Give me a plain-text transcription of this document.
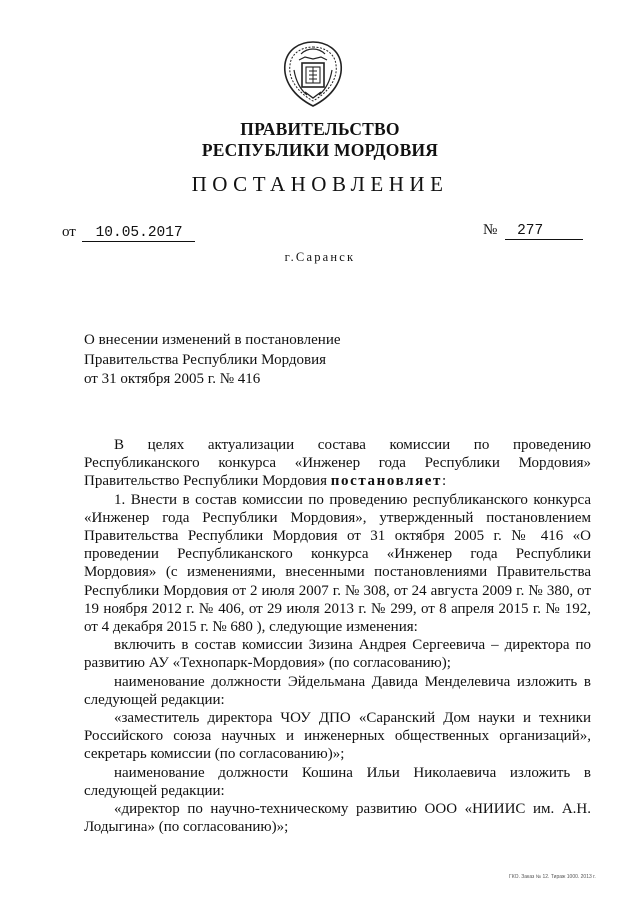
ПРАВИТЕЛЬСТВО
РЕСПУБЛИКИ МОРДОВИЯ
ПОСТАНОВЛЕНИЕ
от 10.05.2017	№ 277
г.Саранск
О внесении изменений в постановление
Правительства Республики Мордовия
от 31 октября 2005 г. № 416

В целях актуализации состава комиссии по проведению Республиканского конкурса «Инженер года Республики Мордовия» Правительство Республики Мордовия постановляет:

1. Внести в состав комиссии по проведению республиканского конкурса «Инженер года Республики Мордовия», утвержденный постановлением Правительства Республики Мордовия от 31 октября 2005 г. № 416 «О проведении Республиканского конкурса «Инженер года Республики Мордовия» (с изменениями, внесенными постановлениями Правительства Республики Мордовия от 2 июля 2007 г. № 308, от 24 августа 2009 г. № 380, от 19 ноября 2012 г. № 406, от 29 июля 2013 г. № 299, от 8 апреля 2015 г. № 192, от 4 декабря 2015 г. № 680 ), следующие изменения:

включить в состав комиссии Зизина Андрея Сергеевича – директора по развитию АУ «Технопарк-Мордовия» (по согласованию);

наименование должности Эйдельмана Давида Менделевича изложить в следующей редакции:

«заместитель директора ЧОУ ДПО «Саранский Дом науки и техники Российского союза научных и инженерных общественных организаций», секретарь комиссии (по согласованию)»;

наименование должности Кошина Ильи Николаевича изложить в следующей редакции:

«директор по научно-техническому развитию ООО «НИИИС им. А.Н. Лодыгина» (по согласованию)»;

ГКО. Заказ № 12. Тираж 1000. 2013 г.
